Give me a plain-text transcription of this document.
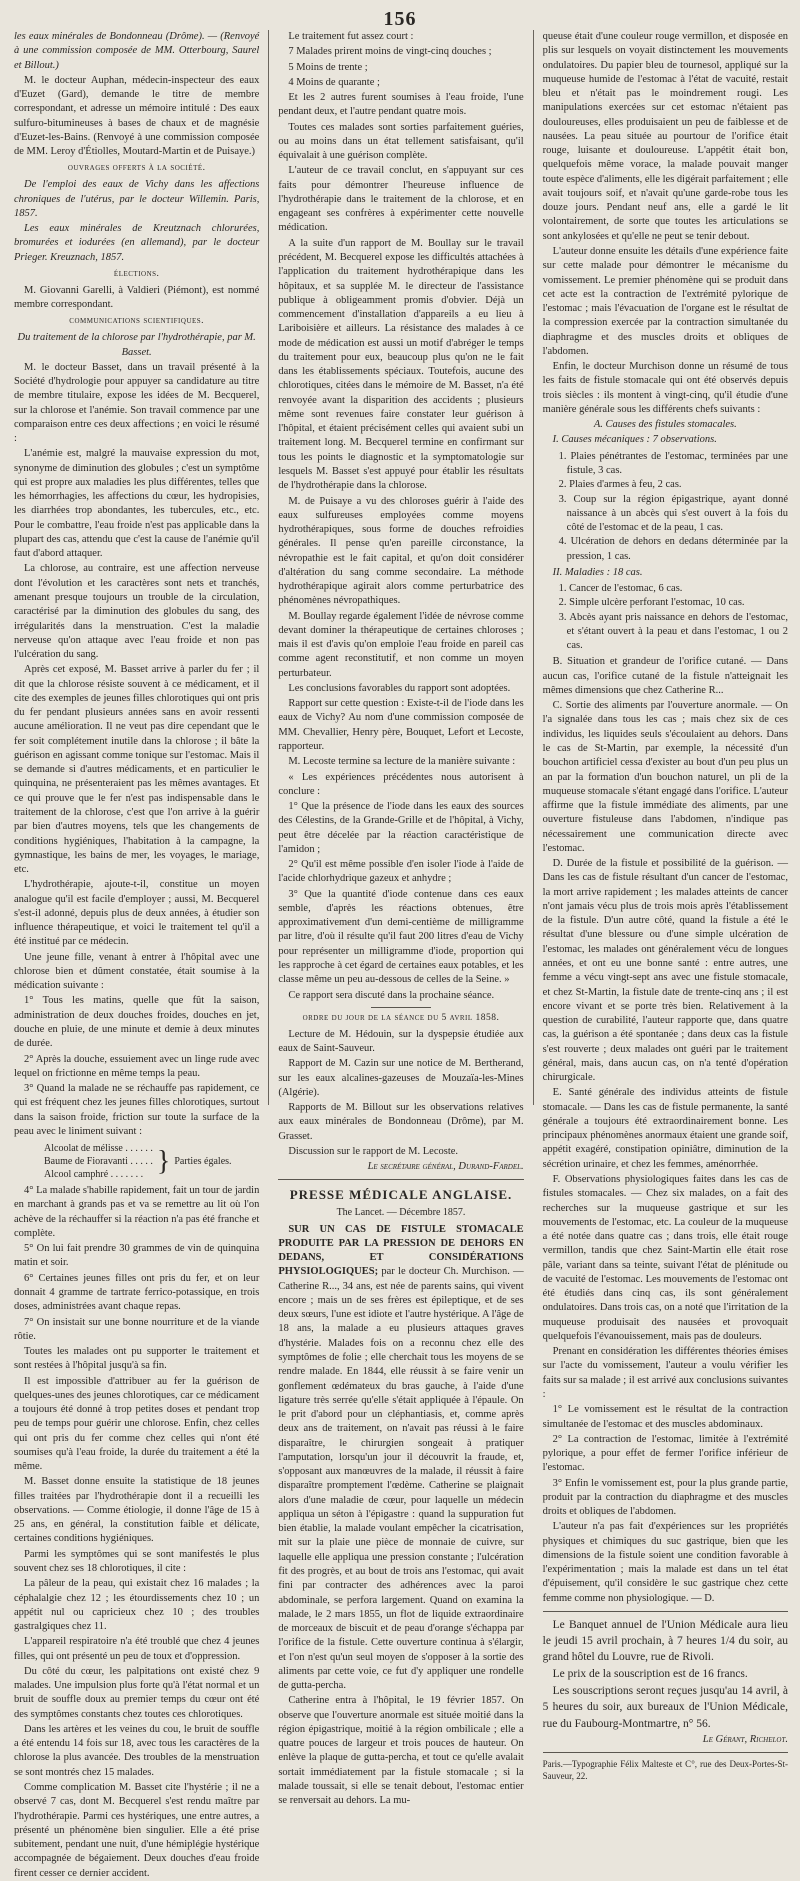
156

les eaux minérales de Bondonneau (Drôme). — (Renvoyé à une commission composée de MM. Otterbourg, Saurel et Billout.)

M. le docteur Auphan, médecin-inspecteur des eaux d'Euzet (Gard), demande le titre de membre correspondant, et adresse un mémoire intitulé : Des eaux sulfuro-bitumineuses à bases de chaux et de magnésie d'Euzet-les-Bains. (Renvoyé à une commission composée de MM. Leroy d'Étiolles, Moutard-Martin et de Puisaye.)

ouvrages offerts à la société.

De l'emploi des eaux de Vichy dans les affections chroniques de l'utérus, par le docteur Willemin. Paris, 1857.

Les eaux minérales de Kreutznach chlorurées, bromurées et iodurées (en allemand), par le docteur Prieger. Kreuznach, 1857.

élections.

M. Giovanni Garelli, à Valdieri (Piémont), est nommé membre correspondant.

communications scientifiques.

Du traitement de la chlorose par l'hydrothérapie, par M. Basset.

M. le docteur Basset, dans un travail présenté à la Société d'hydrologie pour appuyer sa candidature au titre de membre titulaire, expose les idées de M. Becquerel, sur la chlorose et l'anémie. Son travail commence par une comparaison entre ces deux affections ; en voici le résumé :

L'anémie est, malgré la mauvaise expression du mot, synonyme de diminution des globules ; c'est un symptôme qui est propre aux maladies les plus différentes, telles que les hémorrhagies, les affections du cœur, les hydropisies, les diarrhées trop abondantes, les tubercules, etc., etc. Pour le combattre, l'eau froide n'est pas applicable dans la plupart des cas, attendu que c'est la cause de l'anémie qu'il faut d'abord attaquer.

La chlorose, au contraire, est une affection nerveuse dont l'évolution et les caractères sont nets et tranchés, amenant presque toujours un trouble de la circulation, caractérisé par la diminution des globules du sang, des irrégularités dans la menstruation. C'est la maladie nerveuse qu'on attaque avec l'eau froide et non pas l'ulcération du sang.

Après cet exposé, M. Basset arrive à parler du fer ; il dit que la chlorose résiste souvent à ce médicament, et il cite des exemples de jeunes filles chlorotiques qui ont pris du fer pendant plusieurs années sans en avoir ressenti aucune amélioration. Il ne veut pas dire cependant que le fer soit complétement inutile dans la chlorose ; il bâte la guérison en agissant comme tonique sur l'estomac. Mais il se demande si d'autres médicaments, et en particulier le quinquina, ne présenteraient pas les mêmes avantages. Et ce qui prouve que le fer n'est pas indispensable dans le traitement de la chlorose, c'est que l'on arrive à la guérir par bien d'autres moyens, tels que les changements de conditions hygiéniques, l'habitation à la campagne, la gymnastique, les bains de mer, les voyages, le mariage, etc.

L'hydrothérapie, ajoute-t-il, constitue un moyen analogue qu'il est facile d'employer ; aussi, M. Becquerel s'est-il adonné, depuis plus de deux années, à étudier son influence thérapeutique, et voici le traitement tel qu'il a été institué par ce médecin.

Une jeune fille, venant à entrer à l'hôpital avec une chlorose bien et dûment constatée, était soumise à la médication suivante :

1° Tous les matins, quelle que fût la saison, administration de deux douches froides, douches en jet, douche en pluie, de une minute et demie à deux minutes de durée.

2° Après la douche, essuiement avec un linge rude avec lequel on frictionne en même temps la peau.

3° Quand la malade ne se réchauffe pas rapidement, ce qui est fréquent chez les jeunes filles chlorotiques, surtout dans la saison froide, friction sur toute la surface de la peau avec le liniment suivant :

Alcoolat de mélisse . . . . . .
Baume de Fioravanti . . . . .
Alcool camphré . . . . . . . } Parties égales.

4° La malade s'habille rapidement, fait un tour de jardin en marchant à grands pas et va se remettre au lit où l'on achève de la réchauffer si la réaction n'a pas été franche et complète.

5° On lui fait prendre 30 grammes de vin de quinquina matin et soir.

6° Certaines jeunes filles ont pris du fer, et on leur donnait 4 gramme de tartrate ferrico-potassique, en trois doses, administrées avant chaque repas.

7° On insistait sur une bonne nourriture et de la viande rôtie.

Toutes les malades ont pu supporter le traitement et sont restées à l'hôpital jusqu'à sa fin.

Il est impossible d'attribuer au fer la guérison de quelques-unes des jeunes chlorotiques, car ce médicament a toujours été donné à trop petites doses et pendant trop peu de temps pour guérir une chlorose. Enfin, chez celles qui ont pris du fer comme chez celles qui n'ont été soumises qu'à l'eau froide, la durée du traitement a été la même.

M. Basset donne ensuite la statistique de 18 jeunes filles traitées par l'hydrothérapie dont il a recueilli les observations. — Comme étiologie, il donne l'âge de 15 à 25 ans, en général, la constitution faible et délicate, certaines conditions hygiéniques.

Parmi les symptômes qui se sont manifestés le plus souvent chez ses 18 chlorotiques, il cite :

La pâleur de la peau, qui existait chez 16 malades ; la céphalalgie chez 12 ; les étourdissements chez 10 ; un appétit nul ou capricieux chez 10 ; des troubles gastralgiques chez 11.

L'appareil respiratoire n'a été troublé que chez 4 jeunes filles, qui ont présenté un peu de toux et d'oppression.

Du côté du cœur, les palpitations ont existé chez 9 malades. Une impulsion plus forte qu'à l'état normal et un bruit de souffle doux au premier temps du cœur ont été des symptômes constants chez toutes ces chlorotiques.

Dans les artères et les veines du cou, le bruit de souffle a été entendu 14 fois sur 18, avec tous les caractères de la chlorose la plus avancée. Des troubles de la menstruation se sont montrés chez 15 malades.

Comme complication M. Basset cite l'hystérie ; il ne a observé 7 cas, dont M. Becquerel s'est rendu maître par l'hydrothérapie. Parmi ces hystériques, une entre autres, a présenté un phénomène bien singulier. Elle a été prise subitement, pendant une nuit, d'une hémiplégie hystérique accompagnée de bégaiement. Deux douches d'eau froide firent cesser ce dernier accident.

Le traitement fut assez court :

7 Malades prirent moins de vingt-cinq douches ;

5 Moins de trente ;

4 Moins de quarante ;

Et les 2 autres furent soumises à l'eau froide, l'une pendant deux, et l'autre pendant quatre mois.

Toutes ces malades sont sorties parfaitement guéries, ou au moins dans un état tellement satisfaisant, qu'il équivalait à une guérison complète.

L'auteur de ce travail conclut, en s'appuyant sur ces faits pour démontrer l'heureuse influence de l'hydrothérapie dans le traitement de la chlorose, et en engageant ses confrères à expérimenter cette nouvelle médication.

A la suite d'un rapport de M. Boullay sur le travail précédent, M. Becquerel expose les difficultés attachées à l'application du traitement hydrothérapique dans les hôpitaux, et sa supplée M. le directeur de l'assistance publique à obligeamment promis d'obvier. Déjà un commencement d'installation d'appareils a eu lieu à Lariboisière et ailleurs. La résistance des malades à ce mode de médication est aussi un motif d'abréger le temps du traitement pour eux, beaucoup plus qu'on ne le fait dans les établissements spéciaux. Toutefois, aucune des chlorotiques, citées dans le mémoire de M. Basset, n'a été renvoyée avant la disparition des accidents ; plusieurs même sont revenues faire constater leur guérison à l'hôpital, et étaient précisément celles qui avaient subi un traitement long. M. Becquerel termine en confirmant sur tous les points le diagnostic et la symptomatologie sur lesquels M. Basset s'est appuyé pour établir les résultats de l'hydrothérapie dans la chlorose.

M. de Puisaye a vu des chloroses guérir à l'aide des eaux sulfureuses employées comme moyens hydrothérapiques, sous forme de douches refroidies générales. Il pense qu'en pareille circonstance, la névropathie est le fait capital, et qu'on doit considérer d'altération du sang comme secondaire. La méthode hydrothérapique agirait alors comme perturbatrice des phénomènes névropathiques.

M. Boullay regarde également l'idée de névrose comme devant dominer la thérapeutique de certaines chloroses ; mais il est d'avis qu'on emploie l'eau froide en pareil cas comme agent reconstitutif, et non comme un moyen perturbateur.

Les conclusions favorables du rapport sont adoptées.

Rapport sur cette question : Existe-t-il de l'iode dans les eaux de Vichy? Au nom d'une commission composée de MM. Chevallier, Henry père, Bouquet, Lefort et Lecoste, rapporteur.

M. Lecoste termine sa lecture de la manière suivante :

« Les expériences précédentes nous autorisent à conclure :

1° Que la présence de l'iode dans les eaux des sources des Célestins, de la Grande-Grille et de l'hôpital, à Vichy, peut être décelée par la réaction caractéristique de l'amidon ;

2° Qu'il est même possible d'en isoler l'iode à l'aide de l'acide chlorhydrique gazeux et anhydre ;

3° Que la quantité d'iode contenue dans ces eaux semble, d'après les réactions obtenues, être approximativement d'un demi-centième de milligramme par litre, d'où il résulte qu'il faut 200 litres d'eau de Vichy pour représenter un milligramme d'iode, proportion qui les rapproche à cet égard de certaines eaux potables, et les classe même un peu au-dessous de celles de la Seine. »

Ce rapport sera discuté dans la prochaine séance.

ordre du jour de la séance du 5 avril 1858.

Lecture de M. Hédouin, sur la dyspepsie étudiée aux eaux de Saint-Sauveur.

Rapport de M. Cazin sur une notice de M. Bertherand, sur les eaux alcalines-gazeuses de Mouzaïa-les-Mines (Algérie).

Rapports de M. Billout sur les observations relatives aux eaux minérales de Bondonneau (Drôme), par M. Grasset.

Discussion sur le rapport de M. Lecoste.

Le secrétaire général, Durand-Fardel.

PRESSE MÉDICALE ANGLAISE.
The Lancet. — Décembre 1857.

SUR UN CAS DE FISTULE STOMACALE PRODUITE PAR LA PRESSION DE DEHORS EN DEDANS, ET CONSIDÉRATIONS PHYSIOLOGIQUES; par le docteur Ch. Murchison. — Catherine R..., 34 ans, est née de parents sains, qui vivent encore ; mais un de ses frères est épileptique, et de ses deux sœurs, l'une est idiote et l'autre hystérique. A l'âge de 18 ans, la malade a eu plusieurs attaques graves d'hystérie. Malades fois on a reconnu chez elle des symptômes de folie ; elle cherchait tous les moyens de se rendre malade. En 1844, elle réussit à se faire venir un gonflement œdémateux du bras gauche, à l'aide d'une ligature très serrée qu'elle s'était appliquée à l'épaule. On le prit d'abord pour un cléphantiasis, et, comme après deux ans de traitement, on n'avait pas réussi à le faire disparaître, le chirurgien songeait à pratiquer l'amputation, lorsqu'un jour il découvrit la fraude, et, s'opposant aux manœuvres de la malade, il réussit à faire disparaître promptement l'œdème. Catherine se plaignait alors d'une maladie de cœur, pour laquelle un médecin appliqua un séton à l'épigastre : quand la suppuration fut bien établie, la malade voulant empêcher la cicatrisation, mit sur la plaie une pièce de monnaie de cuivre, sur laquelle elle appliqua une pression constante ; l'ulcération fit des progrès, et au bout de trois ans l'estomac, qui avait fini par contracter des adhérences avec la paroi abdominale, se perfora largement. Quand on examina la malade, le 2 mars 1855, un flot de liquide extraordinaire de morceaux de biscuit et de peau d'orange s'échappa par l'orifice de la fistule. Cette ouverture continua à s'élargir, et l'on n'est qu'un seul moyen de s'opposer à la sortie des aliments par cette voie, ce fut d'y appliquer une rondelle de gutta-percha.

Catherine entra à l'hôpital, le 19 février 1857. On observe que l'ouverture anormale est située moitié dans la région épigastrique, moitié à la région ombilicale ; elle a quatre pouces de largeur et trois pouces de hauteur. On enlève la plaque de gutta-percha, et tout ce qu'elle avalait sortait immédiatement par la fistule stomacale ; si la malade toussait, si elle se tenait debout, l'estomac entier se renversait au dehors. La mu-

queuse était d'une couleur rouge vermillon, et disposée en plis sur lesquels on voyait distinctement les mouvements ondulatoires. Du papier bleu de tournesol, appliqué sur la muqueuse humide de l'estomac à l'état de vacuité, restait bleu et n'était pas le moindrement rougi. Les manipulations exercées sur cet estomac n'étaient pas douloureuses, elles produisaient un peu de faiblesse et de nausées. La peau située au pourtour de l'orifice était rouge, luisante et douloureuse. L'appétit était bon, quelquefois même vorace, la malade pouvait manger toute espèce d'aliments, elle les digérait parfaitement ; elle avait toujours soif, et n'avait qu'une garde-robe tous les douze jours. Pendant neuf ans, elle a gardé le lit volontairement, de sorte que toutes les articulations se sont ankylosées et qu'elle ne peut se tenir debout.

L'auteur donne ensuite les détails d'une expérience faite sur cette malade pour démontrer le mécanisme du vomissement. Le premier phénomène qui se produit dans cet acte est la contraction de l'extrémité pylorique de l'estomac ; mais l'évacuation de l'organe est le résultat de la compression exercée par la contraction simultanée du diaphragme et des muscles droits et obliques de l'abdomen.

Enfin, le docteur Murchison donne un résumé de tous les faits de fistule stomacale qui ont été observés depuis trois siècles : ils montent à vingt-cinq, qu'il étudie d'une manière générale sous les différents chefs suivants :

A. Causes des fistules stomacales.

I. Causes mécaniques : 7 observations.

1. Plaies pénétrantes de l'estomac, terminées par une fistule, 3 cas.
2. Plaies d'armes à feu, 2 cas.
3. Coup sur la région épigastrique, ayant donné naissance à un abcès qui s'est ouvert à la fois du côté de l'estomac et de la peau, 1 cas.
4. Ulcération de dehors en dedans déterminée par la pression, 1 cas.

II. Maladies : 18 cas.

1. Cancer de l'estomac, 6 cas.
2. Simple ulcère perforant l'estomac, 10 cas.
3. Abcès ayant pris naissance en dehors de l'estomac, et s'étant ouvert à la peau et dans l'estomac, 1 ou 2 cas.

B. Situation et grandeur de l'orifice cutané. — Dans aucun cas, l'orifice cutané de la fistule n'atteignait les mêmes dimensions que chez Catherine R...

C. Sortie des aliments par l'ouverture anormale. — On l'a signalée dans tous les cas ; mais chez six de ces individus, les liquides seuls s'écoulaient au dehors. Dans le cas de St-Martin, par exemple, la nécessité d'un bouchon artificiel cessa d'exister au bout d'un peu plus un an par la formation d'un bouchon naturel, un pli de la muqueuse stomacale s'étant engagé dans l'orifice. L'auteur affirme que la fistule immédiate des aliments, par une ouverture fistuleuse dans l'abdomen, n'indique pas nécessairement une communication directe avec l'estomac.

D. Durée de la fistule et possibilité de la guérison. — Dans les cas de fistule résultant d'un cancer de l'estomac, la mort arrive rapidement ; les malades atteints de cancer n'ont jamais vécu plus de trois mois après l'établissement de la fistule. D'un autre côté, quand la fistule a été le résultat d'une blessure ou d'une simple ulcération de l'estomac, les malades ont généralement vécu de longues années, et ont eu une bonne santé : entre autres, une femme a vécu vingt-sept ans avec une fistule stomacale, et chez St-Martin, la fistule date de trente-cinq ans ; il est encore vivant et se porte très bien. Relativement à la question de curabilité, l'auteur rapporte que, dans quatre cas, la guérison a été spontanée ; dans deux cas la fistule s'est rouverte ; deux malades ont guéri par le traitement général, mais, dans aucun cas, on n'a tenté d'opération chirurgicale.

E. Santé générale des individus atteints de fistule stomacale. — Dans les cas de fistule permanente, la santé générale a toujours été extraordinairement bonne. Les principaux phénomènes anormaux étaient une grande soif, appétit exagéré, constipation opiniâtre, diminution de la sécrétion urinaire, et chez les femmes, aménorrhée.

F. Observations physiologiques faites dans les cas de fistules stomacales. — Chez six malades, on a fait des recherches sur la muqueuse gastrique et sur les mouvements de l'estomac, etc. La couleur de la muqueuse a été notée dans quatre cas ; dans trois, elle était rouge vermillon, tandis que chez Saint-Martin elle était rose pâle, variant dans sa teinte, suivant l'état de plénitude ou de vacuité de l'estomac. Les mouvements de l'estomac ont été étudiés dans cinq cas, ils sont généralement ondulatoires. Dans trois cas, on a noté que l'irritation de la muqueuse produisait des nausées et provoquait quelquefois l'évanouissement, mais pas de douleurs.

Prenant en considération les différentes théories émises sur l'acte du vomissement, l'auteur a voulu vérifier les faits sur sa malade ; il est arrivé aux conclusions suivantes :

1° Le vomissement est le résultat de la contraction simultanée de l'estomac et des muscles abdominaux.

2° La contraction de l'estomac, limitée à l'extrémité pylorique, a pour effet de fermer l'orifice inférieur de l'estomac.

3° Enfin le vomissement est, pour la plus grande partie, produit par la contraction du diaphragme et des muscles droits et obliques de l'abdomen.

L'auteur n'a pas fait d'expériences sur les propriétés physiques et chimiques du suc gastrique, bien que les dimensions de la fistule soient une condition favorable à l'expérimentation ; mais la malade est dans un tel état d'épuisement, qu'il considère le suc gastrique chez cette femme comme non physiologique. — D.

Le Banquet annuel de l'Union Médicale aura lieu le jeudi 15 avril prochain, à 7 heures 1/4 du soir, au grand hôtel du Louvre, rue de Rivoli.

Le prix de la souscription est de 16 francs.

Les souscriptions seront reçues jusqu'au 14 avril, à 5 heures du soir, aux bureaux de l'Union Médicale, rue du Faubourg-Montmartre, n° 56.

Le Gérant, Richelot.

Paris.—Typographie Félix Malteste et C°, rue des Deux-Portes-St-Sauveur, 22.
